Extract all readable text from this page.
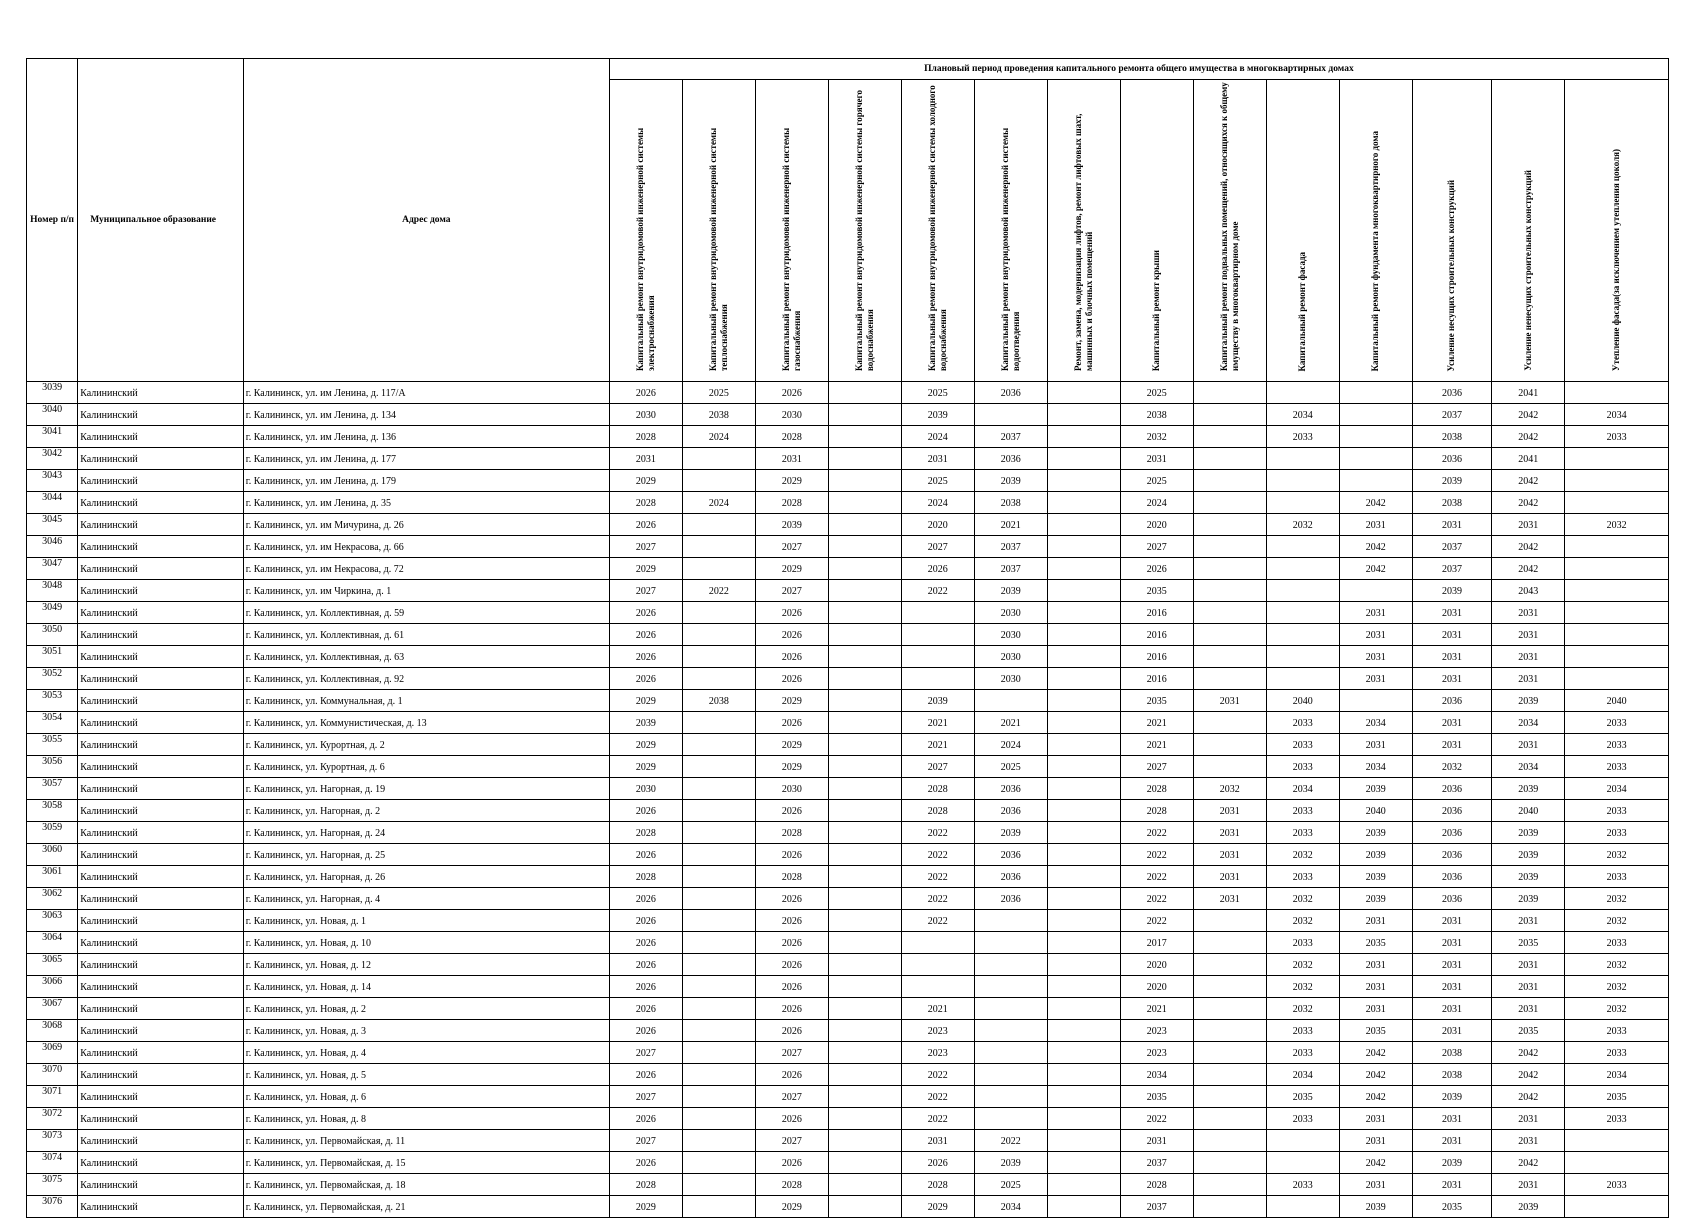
Номер п/п	Муниципальное образование	Адрес дома	Плановый период проведения капитального ремонта общего имущества в многоквартирных домах													
			Капитальный ремонт внутридомовой инженерной системы электроснабжения	Капитальный ремонт внутридомовой инженерной системы теплоснабжения	Капитальный ремонт внутридомовой инженерной системы газоснабжения	Капитальный ремонт внутридомовой инженерной системы горячего водоснабжения	Капитальный ремонт внутридомовой инженерной системы холодного водоснабжения	Капитальный ремонт внутридомовой инженерной системы водоотведения	Ремонт, замена, модернизация лифтов, ремонт лифтовых шахт, машинных и блочных помещений	Капитальный ремонт крыши	Капитальный ремонт подвальных помещений, относящихся к общему имуществу в многоквартирном доме	Капитальный ремонт фасада	Капитальный ремонт фундамента многоквартирного дома	Усиление несущих строительных конструкций	Усиление ненесущих строительных конструкций	Утепление фасада(за исключением утепления цоколя)
3039	Калининский	г. Калининск, ул. им Ленина, д. 117/А	2026	2025	2026		2025	2036		2025				2036	2041	
3040	Калининский	г. Калининск, ул. им Ленина, д. 134	2030	2038	2030		2039			2038		2034		2037	2042	2034
3041	Калининский	г. Калининск, ул. им Ленина, д. 136	2028	2024	2028		2024	2037		2032		2033		2038	2042	2033
3042	Калининский	г. Калининск, ул. им Ленина, д. 177	2031		2031		2031	2036		2031				2036	2041	
3043	Калининский	г. Калининск, ул. им Ленина, д. 179	2029		2029		2025	2039		2025				2039	2042	
3044	Калининский	г. Калининск, ул. им Ленина, д. 35	2028	2024	2028		2024	2038		2024			2042	2038	2042	
3045	Калининский	г. Калининск, ул. им Мичурина, д. 26	2026		2039		2020	2021		2020		2032	2031	2031	2031	2032
3046	Калининский	г. Калининск, ул. им Некрасова, д. 66	2027		2027		2027	2037		2027			2042	2037	2042	
3047	Калининский	г. Калининск, ул. им Некрасова, д. 72	2029		2029		2026	2037		2026			2042	2037	2042	
3048	Калининский	г. Калининск, ул. им Чиркина, д. 1	2027	2022	2027		2022	2039		2035				2039	2043	
3049	Калининский	г. Калининск, ул. Коллективная, д. 59	2026		2026			2030		2016			2031	2031	2031	
3050	Калининский	г. Калининск, ул. Коллективная, д. 61	2026		2026			2030		2016			2031	2031	2031	
3051	Калининский	г. Калининск, ул. Коллективная, д. 63	2026		2026			2030		2016			2031	2031	2031	
3052	Калининский	г. Калининск, ул. Коллективная, д. 92	2026		2026			2030		2016			2031	2031	2031	
3053	Калининский	г. Калининск, ул. Коммунальная, д. 1	2029	2038	2029		2039			2035	2031	2040		2036	2039	2040
3054	Калининский	г. Калининск, ул. Коммунистическая, д. 13	2039		2026		2021	2021		2021		2033	2034	2031	2034	2033
3055	Калининский	г. Калининск, ул. Курортная, д. 2	2029		2029		2021	2024		2021		2033	2031	2031	2031	2033
3056	Калининский	г. Калининск, ул. Курортная, д. 6	2029		2029		2027	2025		2027		2033	2034	2032	2034	2033
3057	Калининский	г. Калининск, ул. Нагорная, д. 19	2030		2030		2028	2036		2028	2032	2034	2039	2036	2039	2034
3058	Калининский	г. Калининск, ул. Нагорная, д. 2	2026		2026		2028	2036		2028	2031	2033	2040	2036	2040	2033
3059	Калининский	г. Калининск, ул. Нагорная, д. 24	2028		2028		2022	2039		2022	2031	2033	2039	2036	2039	2033
3060	Калининский	г. Калининск, ул. Нагорная, д. 25	2026		2026		2022	2036		2022	2031	2032	2039	2036	2039	2032
3061	Калининский	г. Калининск, ул. Нагорная, д. 26	2028		2028		2022	2036		2022	2031	2033	2039	2036	2039	2033
3062	Калининский	г. Калининск, ул. Нагорная, д. 4	2026		2026		2022	2036		2022	2031	2032	2039	2036	2039	2032
3063	Калининский	г. Калининск, ул. Новая, д. 1	2026		2026		2022			2022		2032	2031	2031	2031	2032
3064	Калининский	г. Калининск, ул. Новая, д. 10	2026		2026					2017		2033	2035	2031	2035	2033
3065	Калининский	г. Калининск, ул. Новая, д. 12	2026		2026					2020		2032	2031	2031	2031	2032
3066	Калининский	г. Калининск, ул. Новая, д. 14	2026		2026					2020		2032	2031	2031	2031	2032
3067	Калининский	г. Калининск, ул. Новая, д. 2	2026		2026		2021			2021		2032	2031	2031	2031	2032
3068	Калининский	г. Калининск, ул. Новая, д. 3	2026		2026		2023			2023		2033	2035	2031	2035	2033
3069	Калининский	г. Калининск, ул. Новая, д. 4	2027		2027		2023			2023		2033	2042	2038	2042	2033
3070	Калининский	г. Калининск, ул. Новая, д. 5	2026		2026		2022			2034		2034	2042	2038	2042	2034
3071	Калининский	г. Калининск, ул. Новая, д. 6	2027		2027		2022			2035		2035	2042	2039	2042	2035
3072	Калининский	г. Калининск, ул. Новая, д. 8	2026		2026		2022			2022		2033	2031	2031	2031	2033
3073	Калининский	г. Калининск, ул. Первомайская, д. 11	2027		2027		2031	2022		2031			2031	2031	2031	
3074	Калининский	г. Калининск, ул. Первомайская, д. 15	2026		2026		2026	2039		2037			2042	2039	2042	
3075	Калининский	г. Калининск, ул. Первомайская, д. 18	2028		2028		2028	2025		2028		2033	2031	2031	2031	2033
3076	Калининский	г. Калининск, ул. Первомайская, д. 21	2029		2029		2029	2034		2037			2039	2035	2039	
